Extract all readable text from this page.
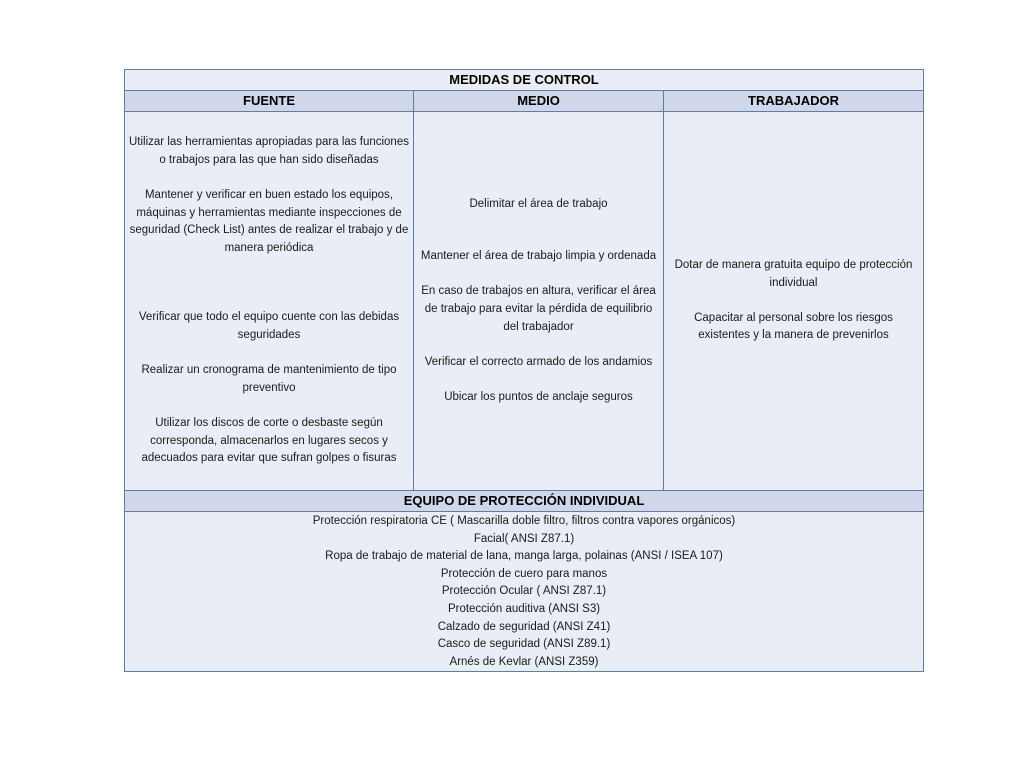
MEDIDAS DE CONTROL
FUENTE	MEDIO	TRABAJADOR

Utilizar las herramientas apropiadas para las funciones o trabajos para las que han sido diseñadas

Mantener y verificar en buen estado los equipos, máquinas y herramientas mediante inspecciones de seguridad (Check List) antes de realizar el trabajo y de manera periódica

Verificar que todo el equipo cuente con las debidas seguridades

Realizar un cronograma de mantenimiento de tipo preventivo

Utilizar los discos de corte o desbaste según corresponda, almacenarlos en lugares secos y adecuados para evitar que sufran golpes o fisuras

Delimitar el área de trabajo

Mantener el área de trabajo limpia y ordenada

En caso de trabajos en altura, verificar el área de trabajo para evitar la pérdida de equilibrio del trabajador

Verificar el correcto armado de los andamios

Ubicar los puntos de anclaje seguros

Dotar de manera gratuita equipo de protección individual

Capacitar al personal sobre los riesgos existentes y la manera de prevenirlos

EQUIPO DE PROTECCIÓN INDIVIDUAL
Protección respiratoria CE ( Mascarilla doble filtro, filtros contra vapores orgánicos)
Facial( ANSI Z87.1)
Ropa de trabajo de material de lana, manga larga, polainas (ANSI / ISEA 107)
Protección de cuero para manos
Protección Ocular ( ANSI Z87.1)
Protección auditiva (ANSI S3)
Calzado de seguridad (ANSI Z41)
Casco de seguridad (ANSI Z89.1)
Arnés de Kevlar (ANSI Z359)
